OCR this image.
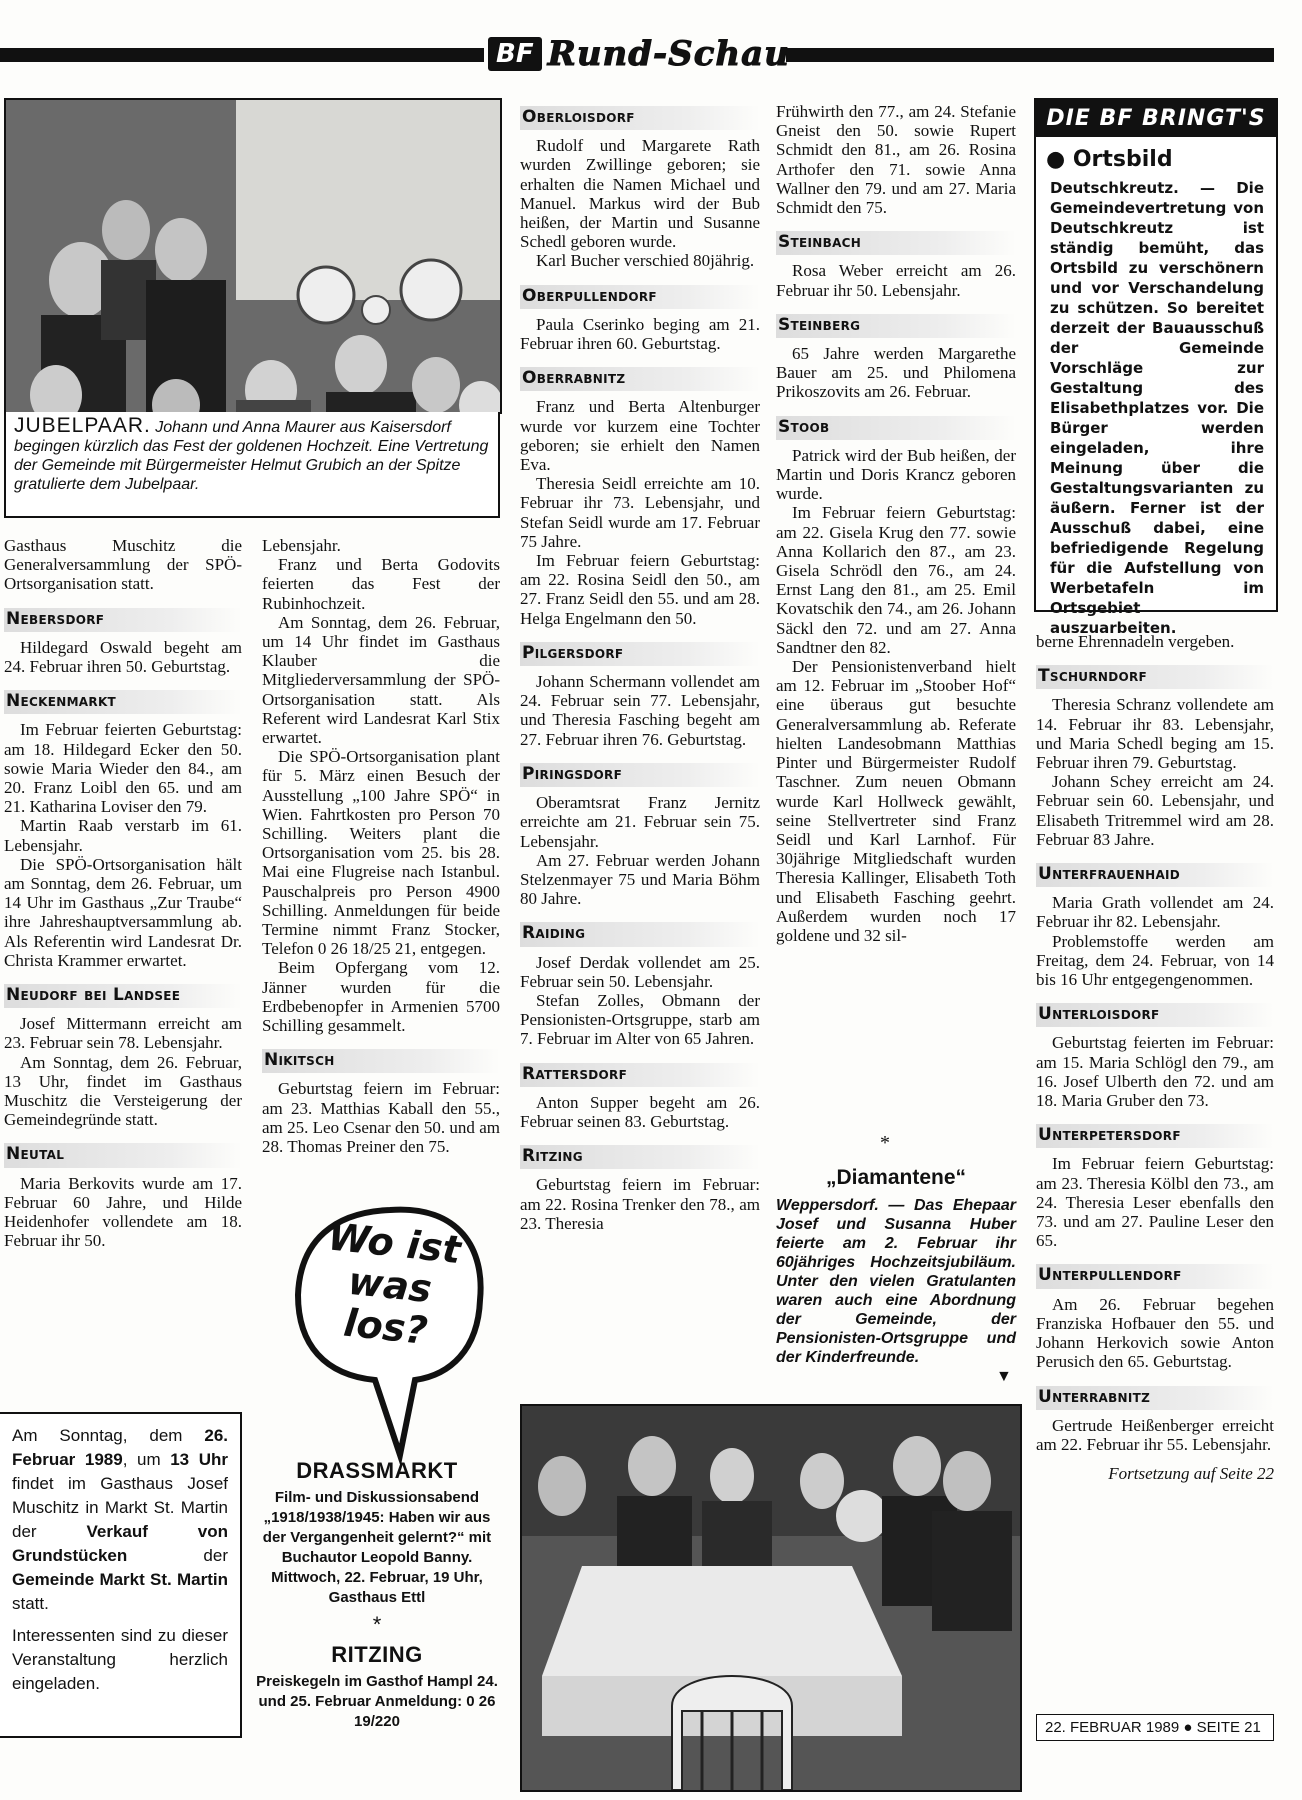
BF Rund-Schau
JUBELPAAR. Johann und Anna Maurer aus Kaisersdorf begingen kürzlich das Fest der goldenen Hochzeit. Eine Vertretung der Gemeinde mit Bürgermeister Helmut Grubich an der Spitze gratulierte dem Jubelpaar.

Gasthaus Muschitz die Generalversammlung der SPÖ-Ortsorganisation statt.

Nebersdorf

Hildegard Oswald begeht am 24. Februar ihren 50. Geburtstag.

Neckenmarkt

Im Februar feierten Geburtstag: am 18. Hildegard Ecker den 50. sowie Maria Wieder den 84., am 20. Franz Loibl den 65. und am 21. Katharina Loviser den 79.

Martin Raab verstarb im 61. Lebensjahr.

Die SPÖ-Ortsorganisation hält am Sonntag, dem 26. Februar, um 14 Uhr im Gasthaus „Zur Traube“ ihre Jahreshauptversammlung ab. Als Referentin wird Landesrat Dr. Christa Krammer erwartet.

Neudorf bei Landsee

Josef Mittermann erreicht am 23. Februar sein 78. Lebensjahr.

Am Sonntag, dem 26. Februar, 13 Uhr, findet im Gasthaus Muschitz die Versteigerung der Gemeindegründe statt.

Neutal

Maria Berkovits wurde am 17. Februar 60 Jahre, und Hilde Heidenhofer vollendete am 18. Februar ihr 50.

Am Sonntag, dem 26. Februar 1989, um 13 Uhr findet im Gasthaus Josef Muschitz in Markt St. Martin der Verkauf von Grundstücken der Gemeinde Markt St. Martin statt.
Interessenten sind zu dieser Veranstaltung herzlich eingeladen.

Lebensjahr.

Franz und Berta Godovits feierten das Fest der Rubinhochzeit.

Am Sonntag, dem 26. Februar, um 14 Uhr findet im Gasthaus Klauber die Mitgliederversammlung der SPÖ-Ortsorganisation statt. Als Referent wird Landesrat Karl Stix erwartet.

Die SPÖ-Ortsorganisation plant für 5. März einen Besuch der Ausstellung „100 Jahre SPÖ“ in Wien. Fahrtkosten pro Person 70 Schilling. Weiters plant die Ortsorganisation vom 25. bis 28. Mai eine Flugreise nach Istanbul. Pauschalpreis pro Person 4900 Schilling. Anmeldungen für beide Termine nimmt Franz Stocker, Telefon 0 26 18/25 21, entgegen.

Beim Opfergang vom 12. Jänner wurden für die Erdbebenopfer in Armenien 5700 Schilling gesammelt.

Nikitsch

Geburtstag feiern im Februar: am 23. Matthias Kaball den 55., am 25. Leo Csenar den 50. und am 28. Thomas Preiner den 75.

Wo ist was los?
DRASSMARKT
Film- und Diskussionsabend „1918/1938/1945: Haben wir aus der Vergangenheit gelernt?“ mit Buchautor Leopold Banny. Mittwoch, 22. Februar, 19 Uhr, Gasthaus Ettl
*
RITZING
Preiskegeln im Gasthof Hampl 24. und 25. Februar Anmeldung: 0 26 19/220
Oberloisdorf

Rudolf und Margarete Rath wurden Zwillinge geboren; sie erhalten die Namen Michael und Manuel. Markus wird der Bub heißen, der Martin und Susanne Schedl geboren wurde.

Karl Bucher verschied 80jährig.

Oberpullendorf

Paula Cserinko beging am 21. Februar ihren 60. Geburtstag.

Oberrabnitz

Franz und Berta Altenburger wurde vor kurzem eine Tochter geboren; sie erhielt den Namen Eva.

Theresia Seidl erreichte am 10. Februar ihr 73. Lebensjahr, und Stefan Seidl wurde am 17. Februar 75 Jahre.

Im Februar feiern Geburtstag: am 22. Rosina Seidl den 50., am 27. Franz Seidl den 55. und am 28. Helga Engelmann den 50.

Pilgersdorf

Johann Schermann vollendet am 24. Februar sein 77. Lebensjahr, und Theresia Fasching begeht am 27. Februar ihren 76. Geburtstag.

Piringsdorf

Oberamtsrat Franz Jernitz erreichte am 21. Februar sein 75. Lebensjahr.

Am 27. Februar werden Johann Stelzenmayer 75 und Maria Böhm 80 Jahre.

Raiding

Josef Derdak vollendet am 25. Februar sein 50. Lebensjahr.

Stefan Zolles, Obmann der Pensionisten-Ortsgruppe, starb am 7. Februar im Alter von 65 Jahren.

Rattersdorf

Anton Supper begeht am 26. Februar seinen 83. Geburtstag.

Ritzing

Geburtstag feiern im Februar: am 22. Rosina Trenker den 78., am 23. Theresia

Frühwirth den 77., am 24. Stefanie Gneist den 50. sowie Rupert Schmidt den 81., am 26. Rosina Arthofer den 71. sowie Anna Wallner den 79. und am 27. Maria Schmidt den 75.

Steinbach

Rosa Weber erreicht am 26. Februar ihr 50. Lebensjahr.

Steinberg

65 Jahre werden Margarethe Bauer am 25. und Philomena Prikoszovits am 26. Februar.

Stoob

Patrick wird der Bub heißen, der Martin und Doris Krancz geboren wurde.

Im Februar feiern Geburtstag: am 22. Gisela Krug den 77. sowie Anna Kollarich den 87., am 23. Gisela Schrödl den 76., am 24. Ernst Lang den 81., am 25. Emil Kovatschik den 74., am 26. Johann Säckl den 72. und am 27. Anna Sandtner den 82.

Der Pensionistenverband hielt am 12. Februar im „Stoober Hof“ eine überaus gut besuchte Generalversammlung ab. Referate hielten Landesobmann Matthias Pinter und Bürgermeister Rudolf Taschner. Zum neuen Obmann wurde Karl Hollweck gewählt, seine Stellvertreter sind Franz Seidl und Karl Larnhof. Für 30jährige Mitgliedschaft wurden Theresia Kallinger, Elisabeth Toth und Elisabeth Fasching geehrt. Außerdem wurden noch 17 goldene und 32 sil-

*
„Diamantene“
Weppersdorf. — Das Ehepaar Josef und Susanna Huber feierte am 2. Februar ihr 60jähriges Hochzeitsjubiläum. Unter den vielen Gratulanten waren auch eine Abordnung der Gemeinde, der Pensionisten-Ortsgruppe und der Kinderfreunde.
▼
DIE BF BRINGT'S
● Ortsbild
Deutschkreutz. — Die Gemeindevertretung von Deutschkreutz ist ständig bemüht, das Ortsbild zu verschönern und vor Verschandelung zu schützen. So bereitet derzeit der Bauausschuß der Gemeinde Vorschläge zur Gestaltung des Elisabethplatzes vor. Die Bürger werden eingeladen, ihre Meinung über die Gestaltungsvarianten zu äußern. Ferner ist der Ausschuß dabei, eine befriedigende Regelung für die Aufstellung von Werbetafeln im Ortsgebiet auszuarbeiten.

berne Ehrennadeln vergeben.

Tschurndorf

Theresia Schranz vollendete am 14. Februar ihr 83. Lebensjahr, und Maria Schedl beging am 15. Februar ihren 79. Geburtstag.

Johann Schey erreicht am 24. Februar sein 60. Lebensjahr, und Elisabeth Tritremmel wird am 28. Februar 83 Jahre.

Unterfrauenhaid

Maria Grath vollendet am 24. Februar ihr 82. Lebensjahr.

Problemstoffe werden am Freitag, dem 24. Februar, von 14 bis 16 Uhr entgegengenommen.

Unterloisdorf

Geburtstag feierten im Februar: am 15. Maria Schlögl den 79., am 16. Josef Ulberth den 72. und am 18. Maria Gruber den 73.

Unterpetersdorf

Im Februar feiern Geburtstag: am 23. Theresia Kölbl den 73., am 24. Theresia Leser ebenfalls den 73. und am 27. Pauline Leser den 65.

Unterpullendorf

Am 26. Februar begehen Franziska Hofbauer den 55. und Johann Herkovich sowie Anton Perusich den 65. Geburtstag.

Unterrabnitz

Gertrude Heißenberger erreicht am 22. Februar ihr 55. Lebensjahr.

Fortsetzung auf Seite 22

22. FEBRUAR 1989 ● SEITE 21
